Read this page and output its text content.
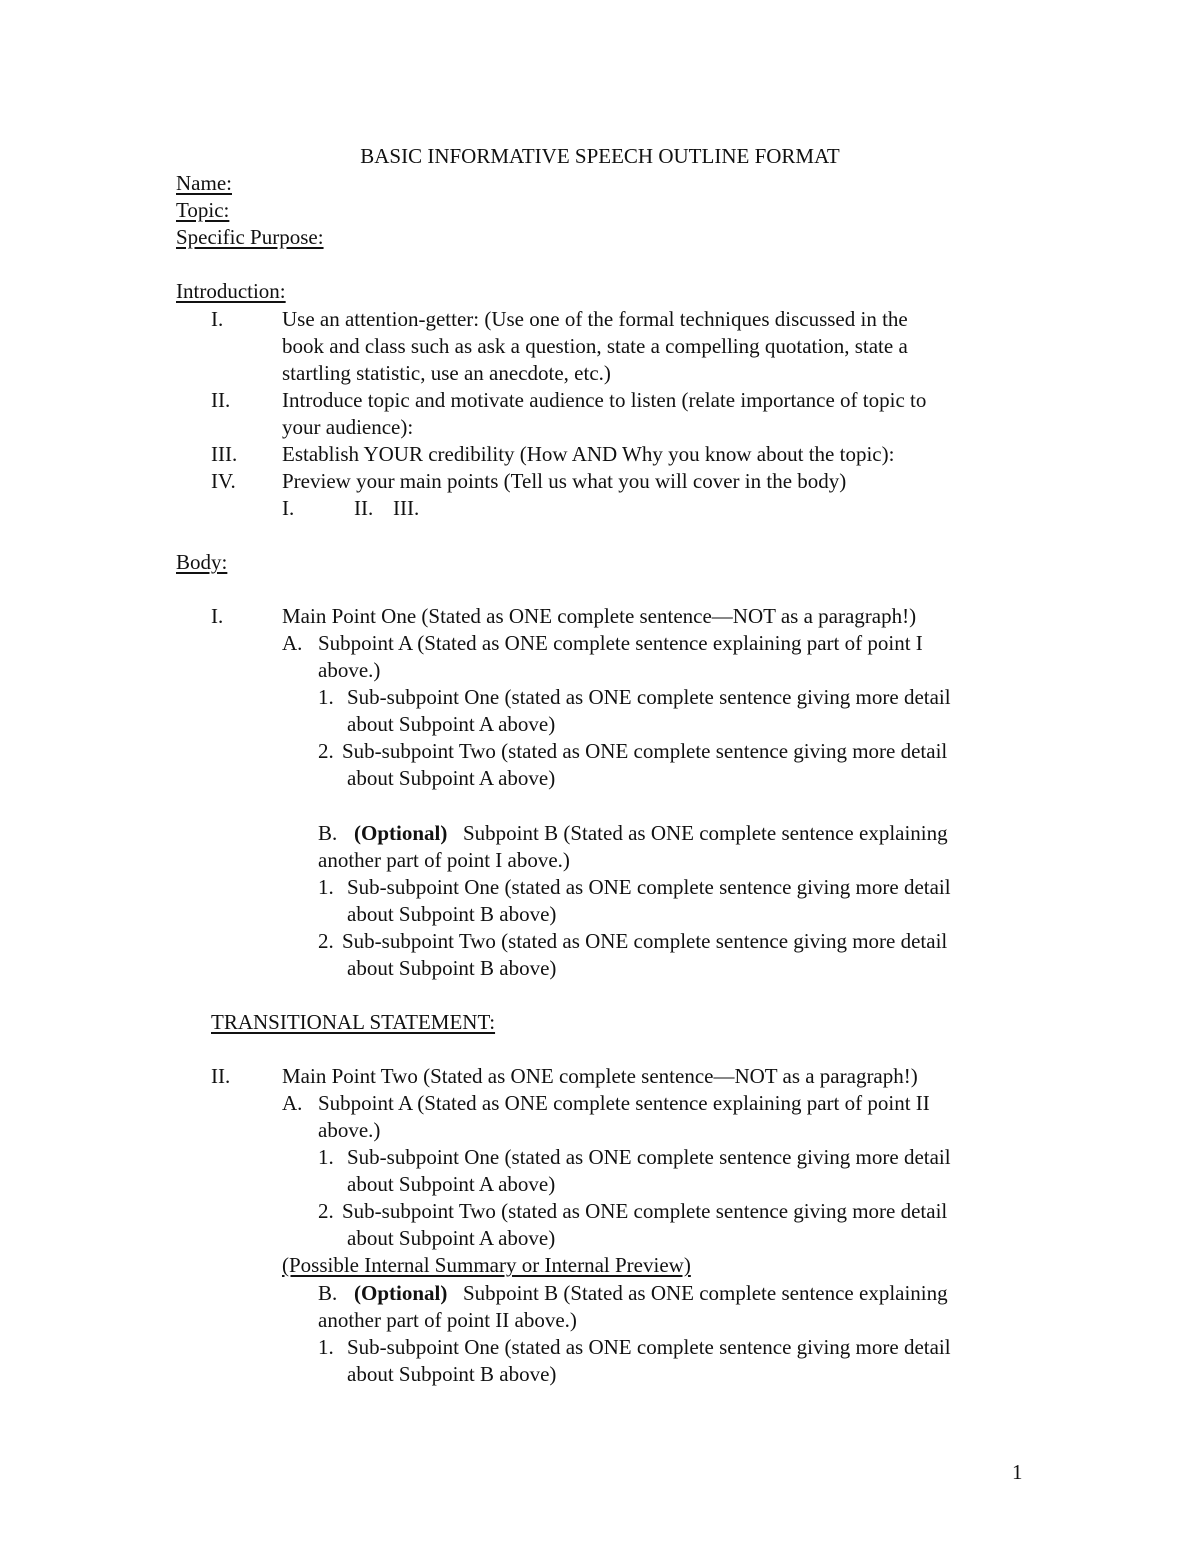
BASIC INFORMATIVE SPEECH OUTLINE FORMAT
Name:
Topic:
Specific Purpose:
Introduction:
I.	Use an attention-getter: (Use one of the formal techniques discussed in the
book and class such as ask a question, state a compelling quotation, state a
startling statistic, use an anecdote, etc.)
II. Introduce topic and motivate audience to listen (relate importance of topic to
your audience):
III. Establish YOUR credibility (How AND Why you know about the topic):
IV. Preview your main points (Tell us what you will cover in the body)
I.	II. III.
Body:
I.	Main Point One (Stated as ONE complete sentence—NOT as a paragraph!)
A. Subpoint A (Stated as ONE complete sentence explaining part of point I
above.)
1. Sub-subpoint One (stated as ONE complete sentence giving more detail
about Subpoint A above)
2. Sub-subpoint Two (stated as ONE complete sentence giving more detail
about Subpoint A above)
B. (Optional) Subpoint B (Stated as ONE complete sentence explaining
another part of point I above.)
1. Sub-subpoint One (stated as ONE complete sentence giving more detail
about Subpoint B above)
2. Sub-subpoint Two (stated as ONE complete sentence giving more detail
about Subpoint B above)
TRANSITIONAL STATEMENT:
II. Main Point Two (Stated as ONE complete sentence—NOT as a paragraph!)
A. Subpoint A (Stated as ONE complete sentence explaining part of point II
above.)
1. Sub-subpoint One (stated as ONE complete sentence giving more detail
about Subpoint A above)
2. Sub-subpoint Two (stated as ONE complete sentence giving more detail
about Subpoint A above)
(Possible Internal Summary or Internal Preview)
B. (Optional) Subpoint B (Stated as ONE complete sentence explaining
another part of point II above.)
1. Sub-subpoint One (stated as ONE complete sentence giving more detail
about Subpoint B above)
1
